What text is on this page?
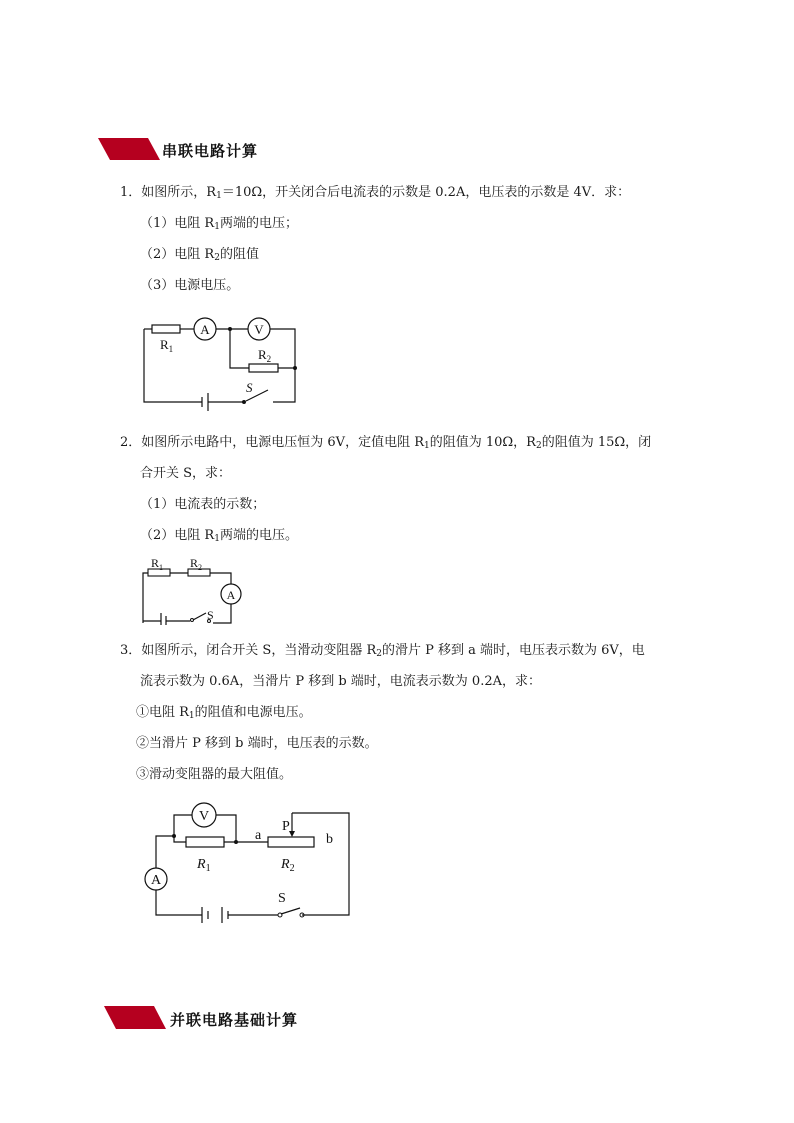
串联电路计算
1．如图所示，$R_1=10\Omega$，开关闭合后电流表的示数是 0.2A，电压表的示数是 4V．求：
（1）电阻 $R_1$两端的电压；
（2）电阻 $R_2$的阻值
（3）电源电压。
A	V
$R_1$	$R_2$
S
2．如图所示电路中，电源电压恒为 6V，定值电阻 $R_1$的阻值为 10Ω，$R_2$的阻值为 15Ω，闭
合开关 S，求：
（1）电流表的示数；
（2）电阻 $R_1$两端的电压。
$R_1$ $R_2$
A
S
3．如图所示，闭合开关 S，当滑动变阻器 $R_2$的滑片 P 移到 a 端时，电压表示数为 6V，电
流表示数为 0.6A，当滑片 P 移到 b 端时，电流表示数为 0.2A，求：
①电阻 $R_1$的阻值和电源电压。
②当滑片 P 移到 b 端时，电压表的示数。
③滑动变阻器的最大阻值。
V
a
P
b
$R_1$	$R_2$
A
S
并联电路基础计算
